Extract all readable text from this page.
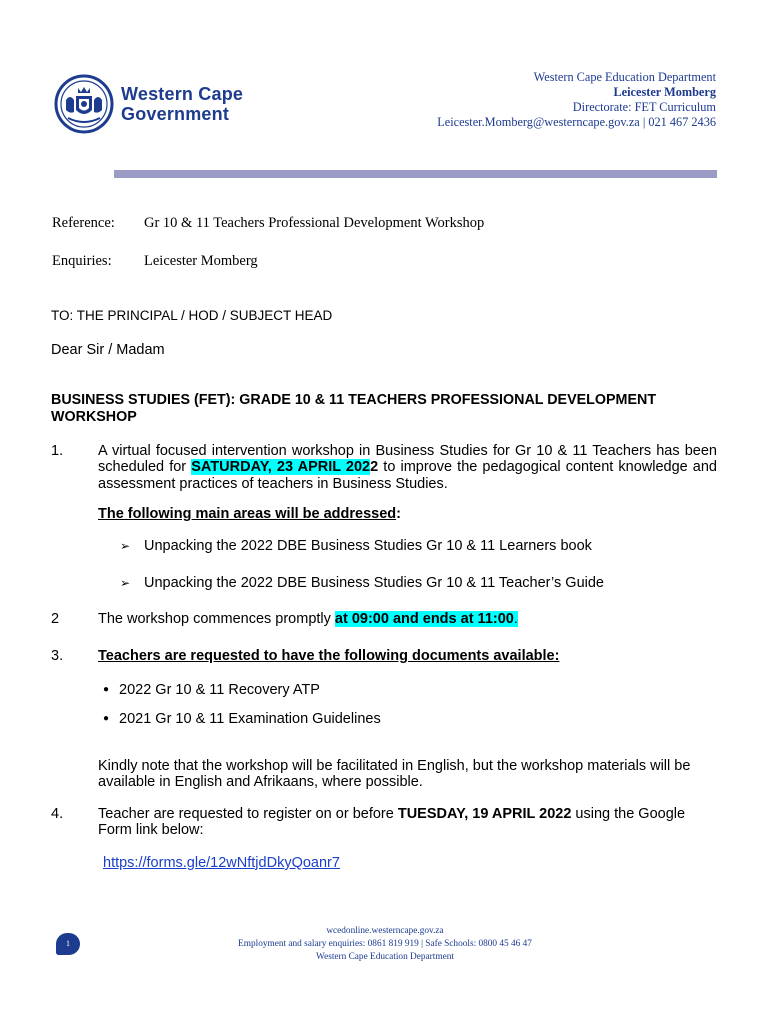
Western Cape
Government
Western Cape Education Department
Leicester Momberg
Directorate: FET Curriculum
Leicester.Momberg@westerncape.gov.za | 021 467 2436
Reference: Gr 10 & 11 Teachers Professional Development Workshop
Enquiries: Leicester Momberg
TO: THE PRINCIPAL / HOD / SUBJECT HEAD
Dear Sir / Madam
BUSINESS STUDIES (FET): GRADE 10 & 11 TEACHERS PROFESSIONAL DEVELOPMENT WORKSHOP
1. A virtual focused intervention workshop in Business Studies for Gr 10 & 11 Teachers has been scheduled for SATURDAY, 23 APRIL 2022 to improve the pedagogical content knowledge and assessment practices of teachers in Business Studies.
The following main areas will be addressed:
➢ Unpacking the 2022 DBE Business Studies Gr 10 & 11 Learners book
➢ Unpacking the 2022 DBE Business Studies Gr 10 & 11 Teacher’s Guide
2	The workshop commences promptly at 09:00 and ends at 11:00.
3. Teachers are requested to have the following documents available:
● 2022 Gr 10 & 11 Recovery ATP
● 2021 Gr 10 & 11 Examination Guidelines
Kindly note that the workshop will be facilitated in English, but the workshop materials will be available in English and Afrikaans, where possible.
4. Teacher are requested to register on or before TUESDAY, 19 APRIL 2022 using the Google Form link below:
https://forms.gle/12wNftjdDkyQoanr7
1
wcedonline.westerncape.gov.za
Employment and salary enquiries: 0861 819 919 | Safe Schools: 0800 45 46 47
Western Cape Education Department
